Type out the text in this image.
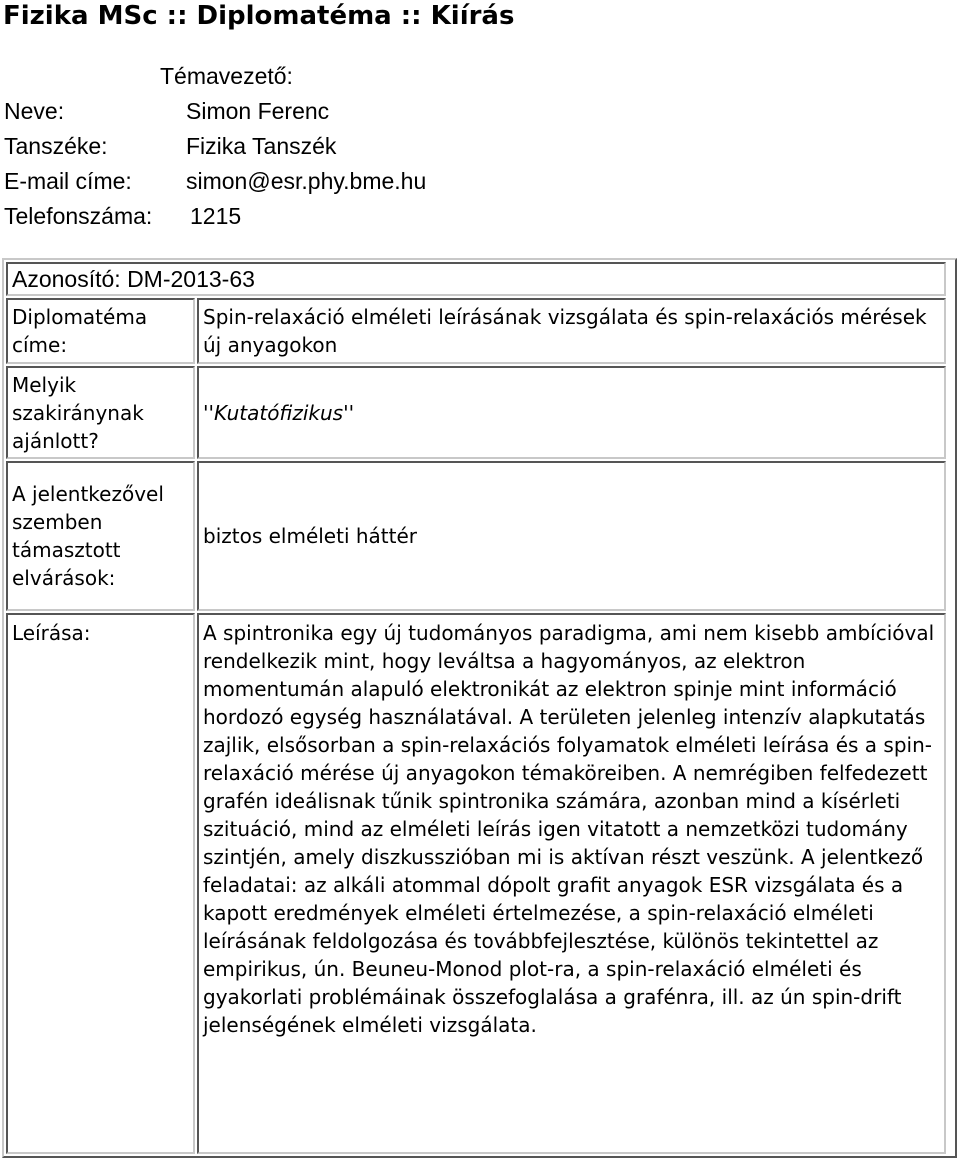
Fizika MSc :: Diplomatéma :: Kiírás
Témavezető:
Neve:	Simon Ferenc
Tanszéke:	Fizika Tanszék
E-mail címe: simon@esr.phy.bme.hu
Telefonszáma: 1215
Azonosító: DM-2013-63
Diplomatéma címe:
Spin-relaxáció elméleti leírásának vizsgálata és spin-relaxációs mérések új anyagokon
Melyik szakiránynak ajánlott?
''Kutatófizikus''
A jelentkezővel szemben támasztott elvárások:
biztos elméleti háttér
Leírása:	A spintronika egy új tudományos paradigma, ami nem kisebb ambícióval rendelkezik mint, hogy leváltsa a hagyományos, az elektron momentumán alapuló elektronikát az elektron spinje mint információ hordozó egység használatával. A területen jelenleg intenzív alapkutatás zajlik, elsősorban a spin-relaxációs folyamatok elméleti leírása és a spin-relaxáció mérése új anyagokon témaköreiben. A nemrégiben felfedezett grafén ideálisnak tűnik spintronika számára, azonban mind a kísérleti szituáció, mind az elméleti leírás igen vitatott a nemzetközi tudomány szintjén, amely diszkusszióban mi is aktívan részt veszünk. A jelentkező feladatai: az alkáli atommal dópolt grafit anyagok ESR vizsgálata és a kapott eredmények elméleti értelmezése, a spin-relaxáció elméleti leírásának feldolgozása és továbbfejlesztése, különös tekintettel az empirikus, ún. Beuneu-Monod plot-ra, a spin-relaxáció elméleti és gyakorlati problémáinak összefoglalása a grafénra, ill. az ún spin-drift jelenségének elméleti vizsgálata.
